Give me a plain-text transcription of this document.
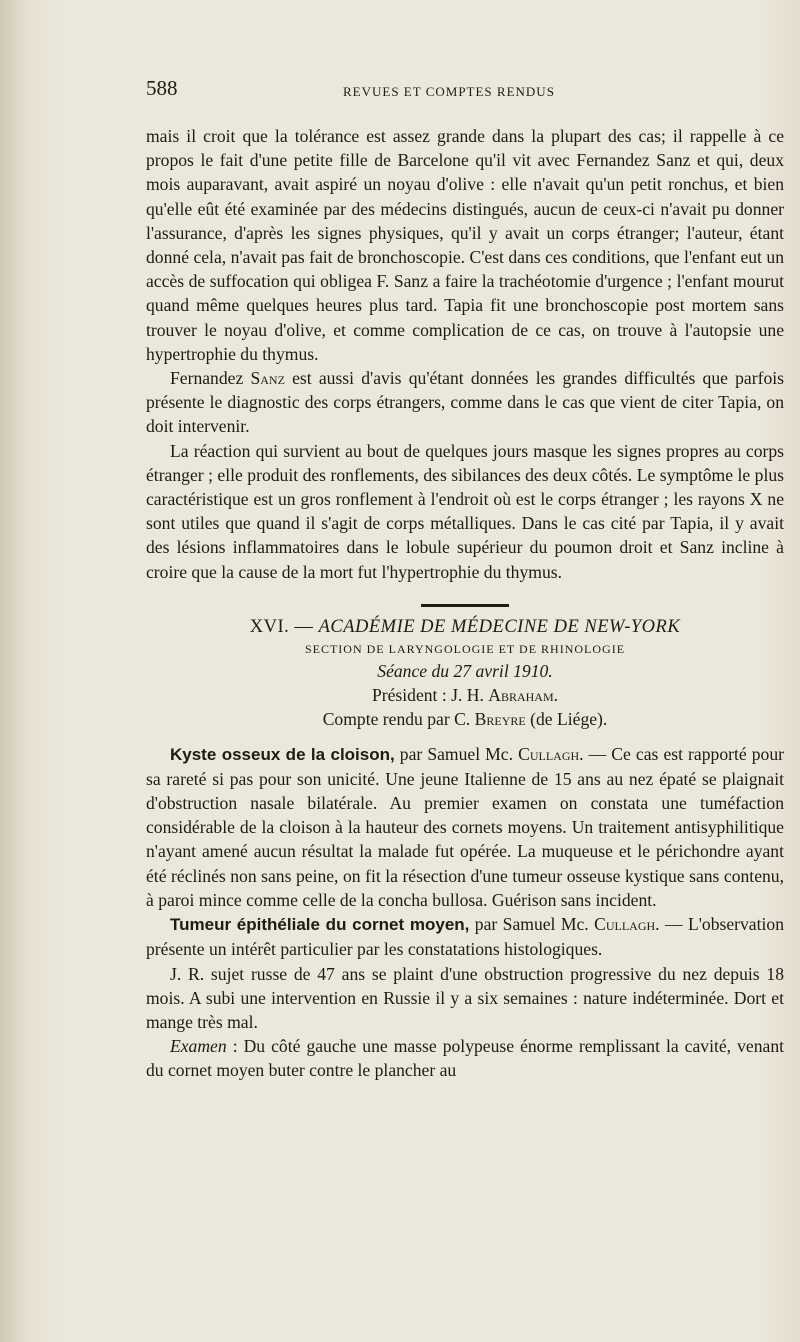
588	REVUES ET COMPTES RENDUS

mais il croit que la tolérance est assez grande dans la plupart des cas; il rappelle à ce propos le fait d'une petite fille de Barcelone qu'il vit avec Fernandez Sanz et qui, deux mois auparavant, avait aspiré un noyau d'olive : elle n'avait qu'un petit ronchus, et bien qu'elle eût été examinée par des médecins distingués, aucun de ceux-ci n'avait pu donner l'assurance, d'après les signes physiques, qu'il y avait un corps étranger; l'auteur, étant donné cela, n'avait pas fait de bronchoscopie. C'est dans ces conditions, que l'enfant eut un accès de suffocation qui obligea F. Sanz a faire la trachéotomie d'urgence ; l'enfant mourut quand même quelques heures plus tard. Tapia fit une bronchoscopie post mortem sans trouver le noyau d'olive, et comme complication de ce cas, on trouve à l'autopsie une hypertrophie du thymus.

Fernandez Sanz est aussi d'avis qu'étant données les grandes difficultés que parfois présente le diagnostic des corps étrangers, comme dans le cas que vient de citer Tapia, on doit intervenir.

La réaction qui survient au bout de quelques jours masque les signes propres au corps étranger ; elle produit des ronflements, des sibilances des deux côtés. Le symptôme le plus caractéristique est un gros ronflement à l'endroit où est le corps étranger ; les rayons X ne sont utiles que quand il s'agit de corps métalliques. Dans le cas cité par Tapia, il y avait des lésions inflammatoires dans le lobule supérieur du poumon droit et Sanz incline à croire que la cause de la mort fut l'hypertrophie du thymus.

XVI. — ACADÉMIE DE MÉDECINE DE NEW-YORK

SECTION DE LARYNGOLOGIE ET DE RHINOLOGIE

Séance du 27 avril 1910.

Président : J. H. Abraham.

Compte rendu par C. Breyre (de Liége).

Kyste osseux de la cloison, par Samuel Mc. Cullagh. — Ce cas est rapporté pour sa rareté si pas pour son unicité. Une jeune Italienne de 15 ans au nez épaté se plaignait d'obstruction nasale bilatérale. Au premier examen on constata une tuméfaction considérable de la cloison à la hauteur des cornets moyens. Un traitement antisyphilitique n'ayant amené aucun résultat la malade fut opérée. La muqueuse et le périchondre ayant été réclinés non sans peine, on fit la résection d'une tumeur osseuse kystique sans contenu, à paroi mince comme celle de la concha bullosa. Guérison sans incident.

Tumeur épithéliale du cornet moyen, par Samuel Mc. Cullagh. — L'observation présente un intérêt particulier par les constatations histologiques.

J. R. sujet russe de 47 ans se plaint d'une obstruction progressive du nez depuis 18 mois. A subi une intervention en Russie il y a six semaines : nature indéterminée. Dort et mange très mal.

Examen : Du côté gauche une masse polypeuse énorme remplissant la cavité, venant du cornet moyen buter contre le plancher au
